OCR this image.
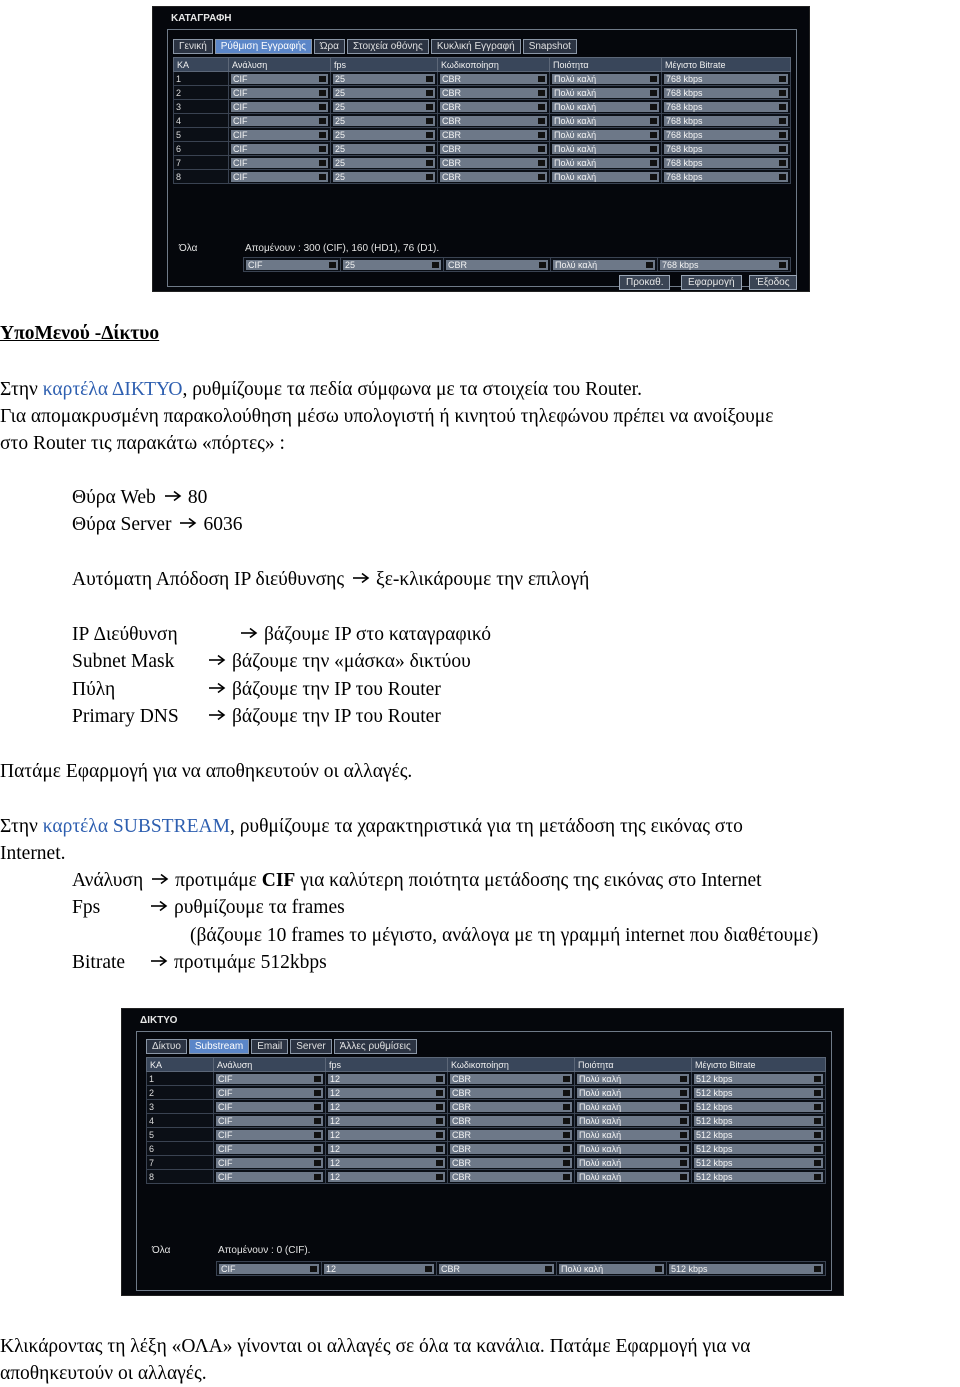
ΚΑΤΑΓΡΑΦΗ
Γενική	Ρύθμιση Εγγραφής	Ώρα	Στοιχεία οθόνης	Κυκλική Εγγραφή	Snapshot
ΚΑ	Ανάλυση	fps	Κωδικοποίηση	Ποιότητα	Μέγιστο Bitrate
1	CIF	25	CBR	Πολύ καλή	768 kbps

2	CIF	25	CBR	Πολύ καλή	768 kbps

3	CIF	25	CBR	Πολύ καλή	768 kbps

4	CIF	25	CBR	Πολύ καλή	768 kbps

5	CIF	25	CBR	Πολύ καλή	768 kbps

6	CIF	25	CBR	Πολύ καλή	768 kbps

7	CIF	25	CBR	Πολύ καλή	768 kbps

8	CIF	25	CBR	Πολύ καλή	768 kbps
Όλα	Απομένουν : 300 (CIF), 160 (HD1), 76 (D1).
CIF	25	CBR	Πολύ καλή	768 kbps
Προκαθ.	Εφαρμογή	Έξοδος
ΥποΜενού -Δίκτυο
Στην καρτέλα ΔΙΚΤΥΟ, ρυθμίζουμε τα πεδία σύμφωνα με τα στοιχεία του Router.
Για απομακρυσμένη παρακολούθηση μέσω υπολογιστή ή κινητού τηλεφώνου πρέπει να ανοίξουμε
στο Router τις παρακάτω «πόρτες» :
Θύρα Web 80
Θύρα Server 6036
Αυτόματη Απόδοση IP διεύθυνσης ξε-κλικάρουμε την επιλογή
IP Διεύθυνση	βάζουμε IP στο καταγραφικό
Subnet Mask	βάζουμε την «μάσκα» δικτύου
Πύλη	βάζουμε την IP του Router
Primary DNS	βάζουμε την IP του Router
Πατάμε Εφαρμογή για να αποθηκευτούν οι αλλαγές.
Στην καρτέλα SUBSTREAM, ρυθμίζουμε τα χαρακτηριστικά για τη μετάδοση της εικόνας στο
Internet.
Ανάλυση προτιμάμε CIF για καλύτερη ποιότητα μετάδοσης της εικόνας στο Internet
Fps	ρυθμίζουμε τα frames
(βάζουμε 10 frames το μέγιστο, ανάλογα με τη γραμμή internet που διαθέτουμε)
Bitrate	προτιμάμε 512kbps
ΔΙΚΤΥΟ
Δίκτυο	Substream	Email	Server	Άλλες ρυθμίσεις
ΚΑ	Ανάλυση	fps	Κωδικοποίηση	Ποιότητα	Μέγιστο Bitrate
1	CIF	12	CBR	Πολύ καλή	512 kbps

2	CIF	12	CBR	Πολύ καλή	512 kbps

3	CIF	12	CBR	Πολύ καλή	512 kbps

4	CIF	12	CBR	Πολύ καλή	512 kbps

5	CIF	12	CBR	Πολύ καλή	512 kbps

6	CIF	12	CBR	Πολύ καλή	512 kbps

7	CIF	12	CBR	Πολύ καλή	512 kbps

8	CIF	12	CBR	Πολύ καλή	512 kbps
Όλα	Απομένουν : 0 (CIF).
CIF	12	CBR	Πολύ καλή	512 kbps
Κλικάροντας τη λέξη «ΟΛΑ» γίνονται οι αλλαγές σε όλα τα κανάλια. Πατάμε Εφαρμογή για να
αποθηκευτούν οι αλλαγές.
